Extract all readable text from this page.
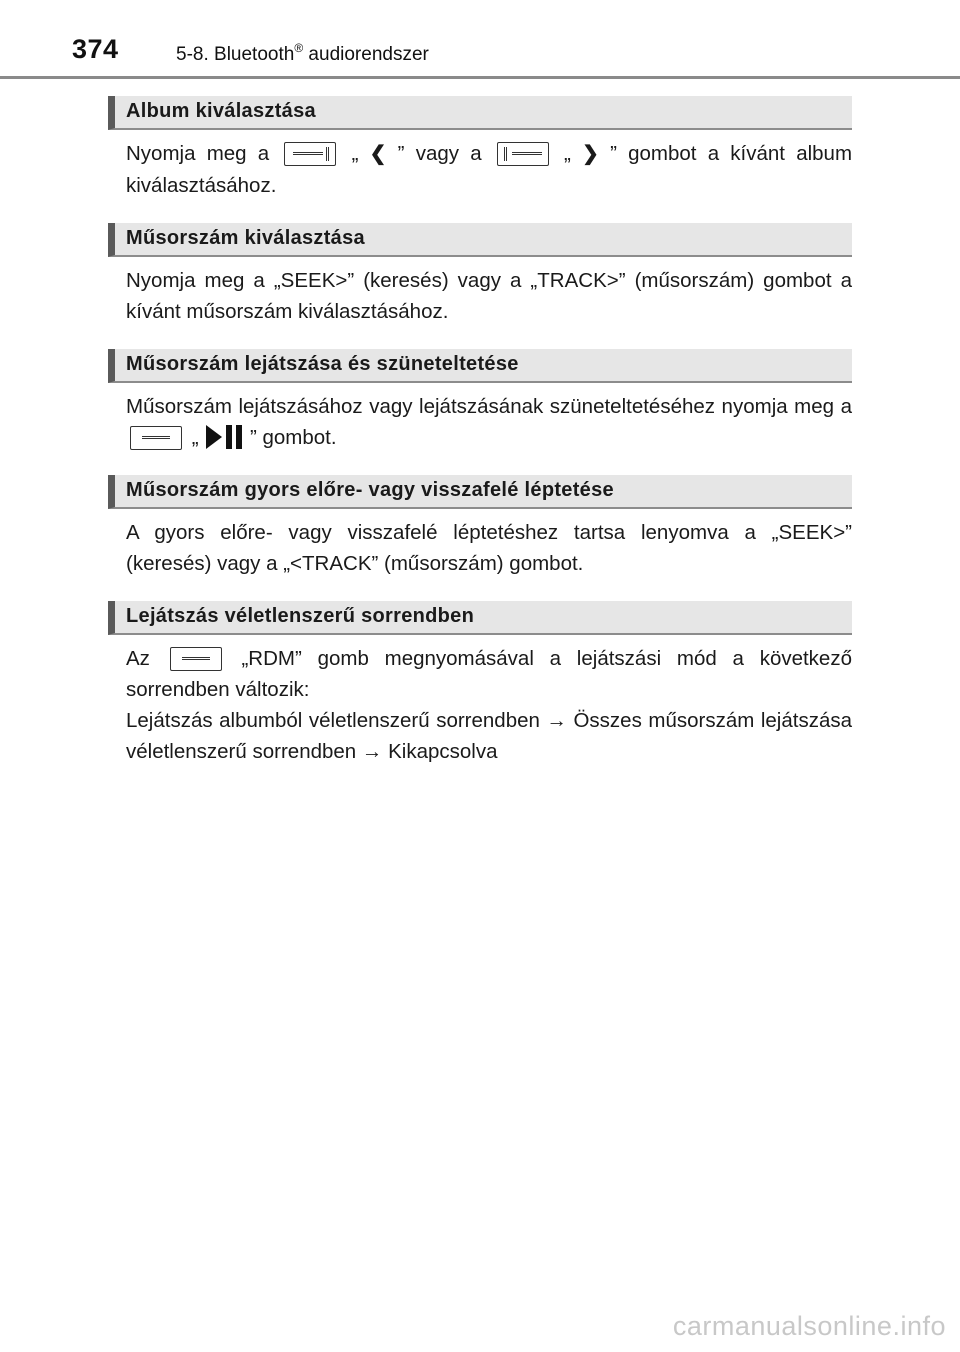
374	5-8. Bluetooth® audiorendszer
Album kiválasztása
Nyomja meg a	„ ❮ ” vagy a	„ ❯ ” gombot a kívánt album kiválasztásához.
Műsorszám kiválasztása
Nyomja meg a „SEEK>” (keresés) vagy a „TRACK>” (műsorszám) gombot a kívánt műsorszám kiválasztásához.
Műsorszám lejátszása és szüneteltetése
Műsorszám lejátszásához vagy lejátszásának szüneteltetéséhez nyomja meg a
„	” gombot.
Műsorszám gyors előre- vagy visszafelé léptetése
A gyors előre- vagy visszafelé léptetéshez tartsa lenyomva a „SEEK>” (keresés) vagy a „<TRACK” (műsorszám) gombot.
Lejátszás véletlenszerű sorrendben
Az	„RDM” gomb megnyomásával a lejátszási mód a következő sorrendben változik:
Lejátszás albumból véletlenszerű sorrendben → Összes műsorszám lejátszása véletlenszerű sorrendben → Kikapcsolva
carmanualsonline.info
